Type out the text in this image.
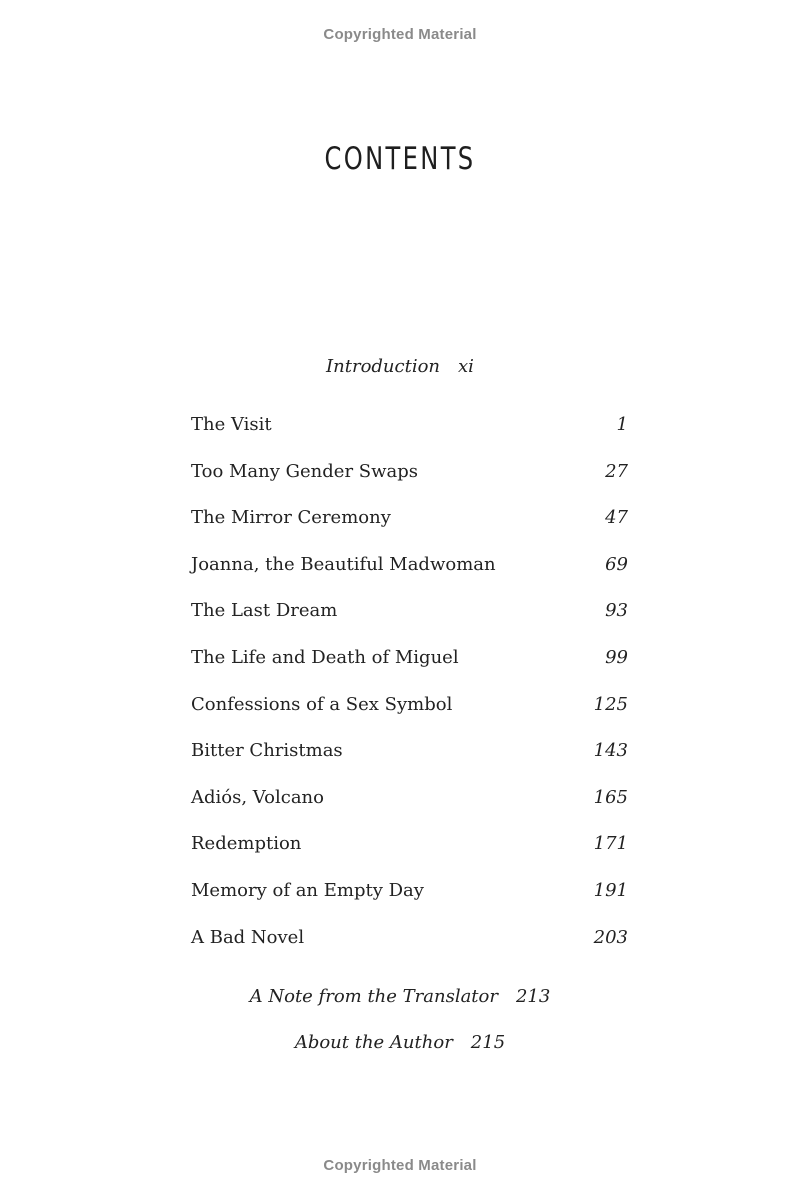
Copyrighted Material
CONTENTS
Introduction xi
The Visit	1
Too Many Gender Swaps	27
The Mirror Ceremony	47
Joanna, the Beautiful Madwoman	69
The Last Dream	93
The Life and Death of Miguel	99
Confessions of a Sex Symbol	125
Bitter Christmas	143
Adiós, Volcano	165
Redemption	171
Memory of an Empty Day	191
A Bad Novel	203
A Note from the Translator 213
About the Author 215
Copyrighted Material
